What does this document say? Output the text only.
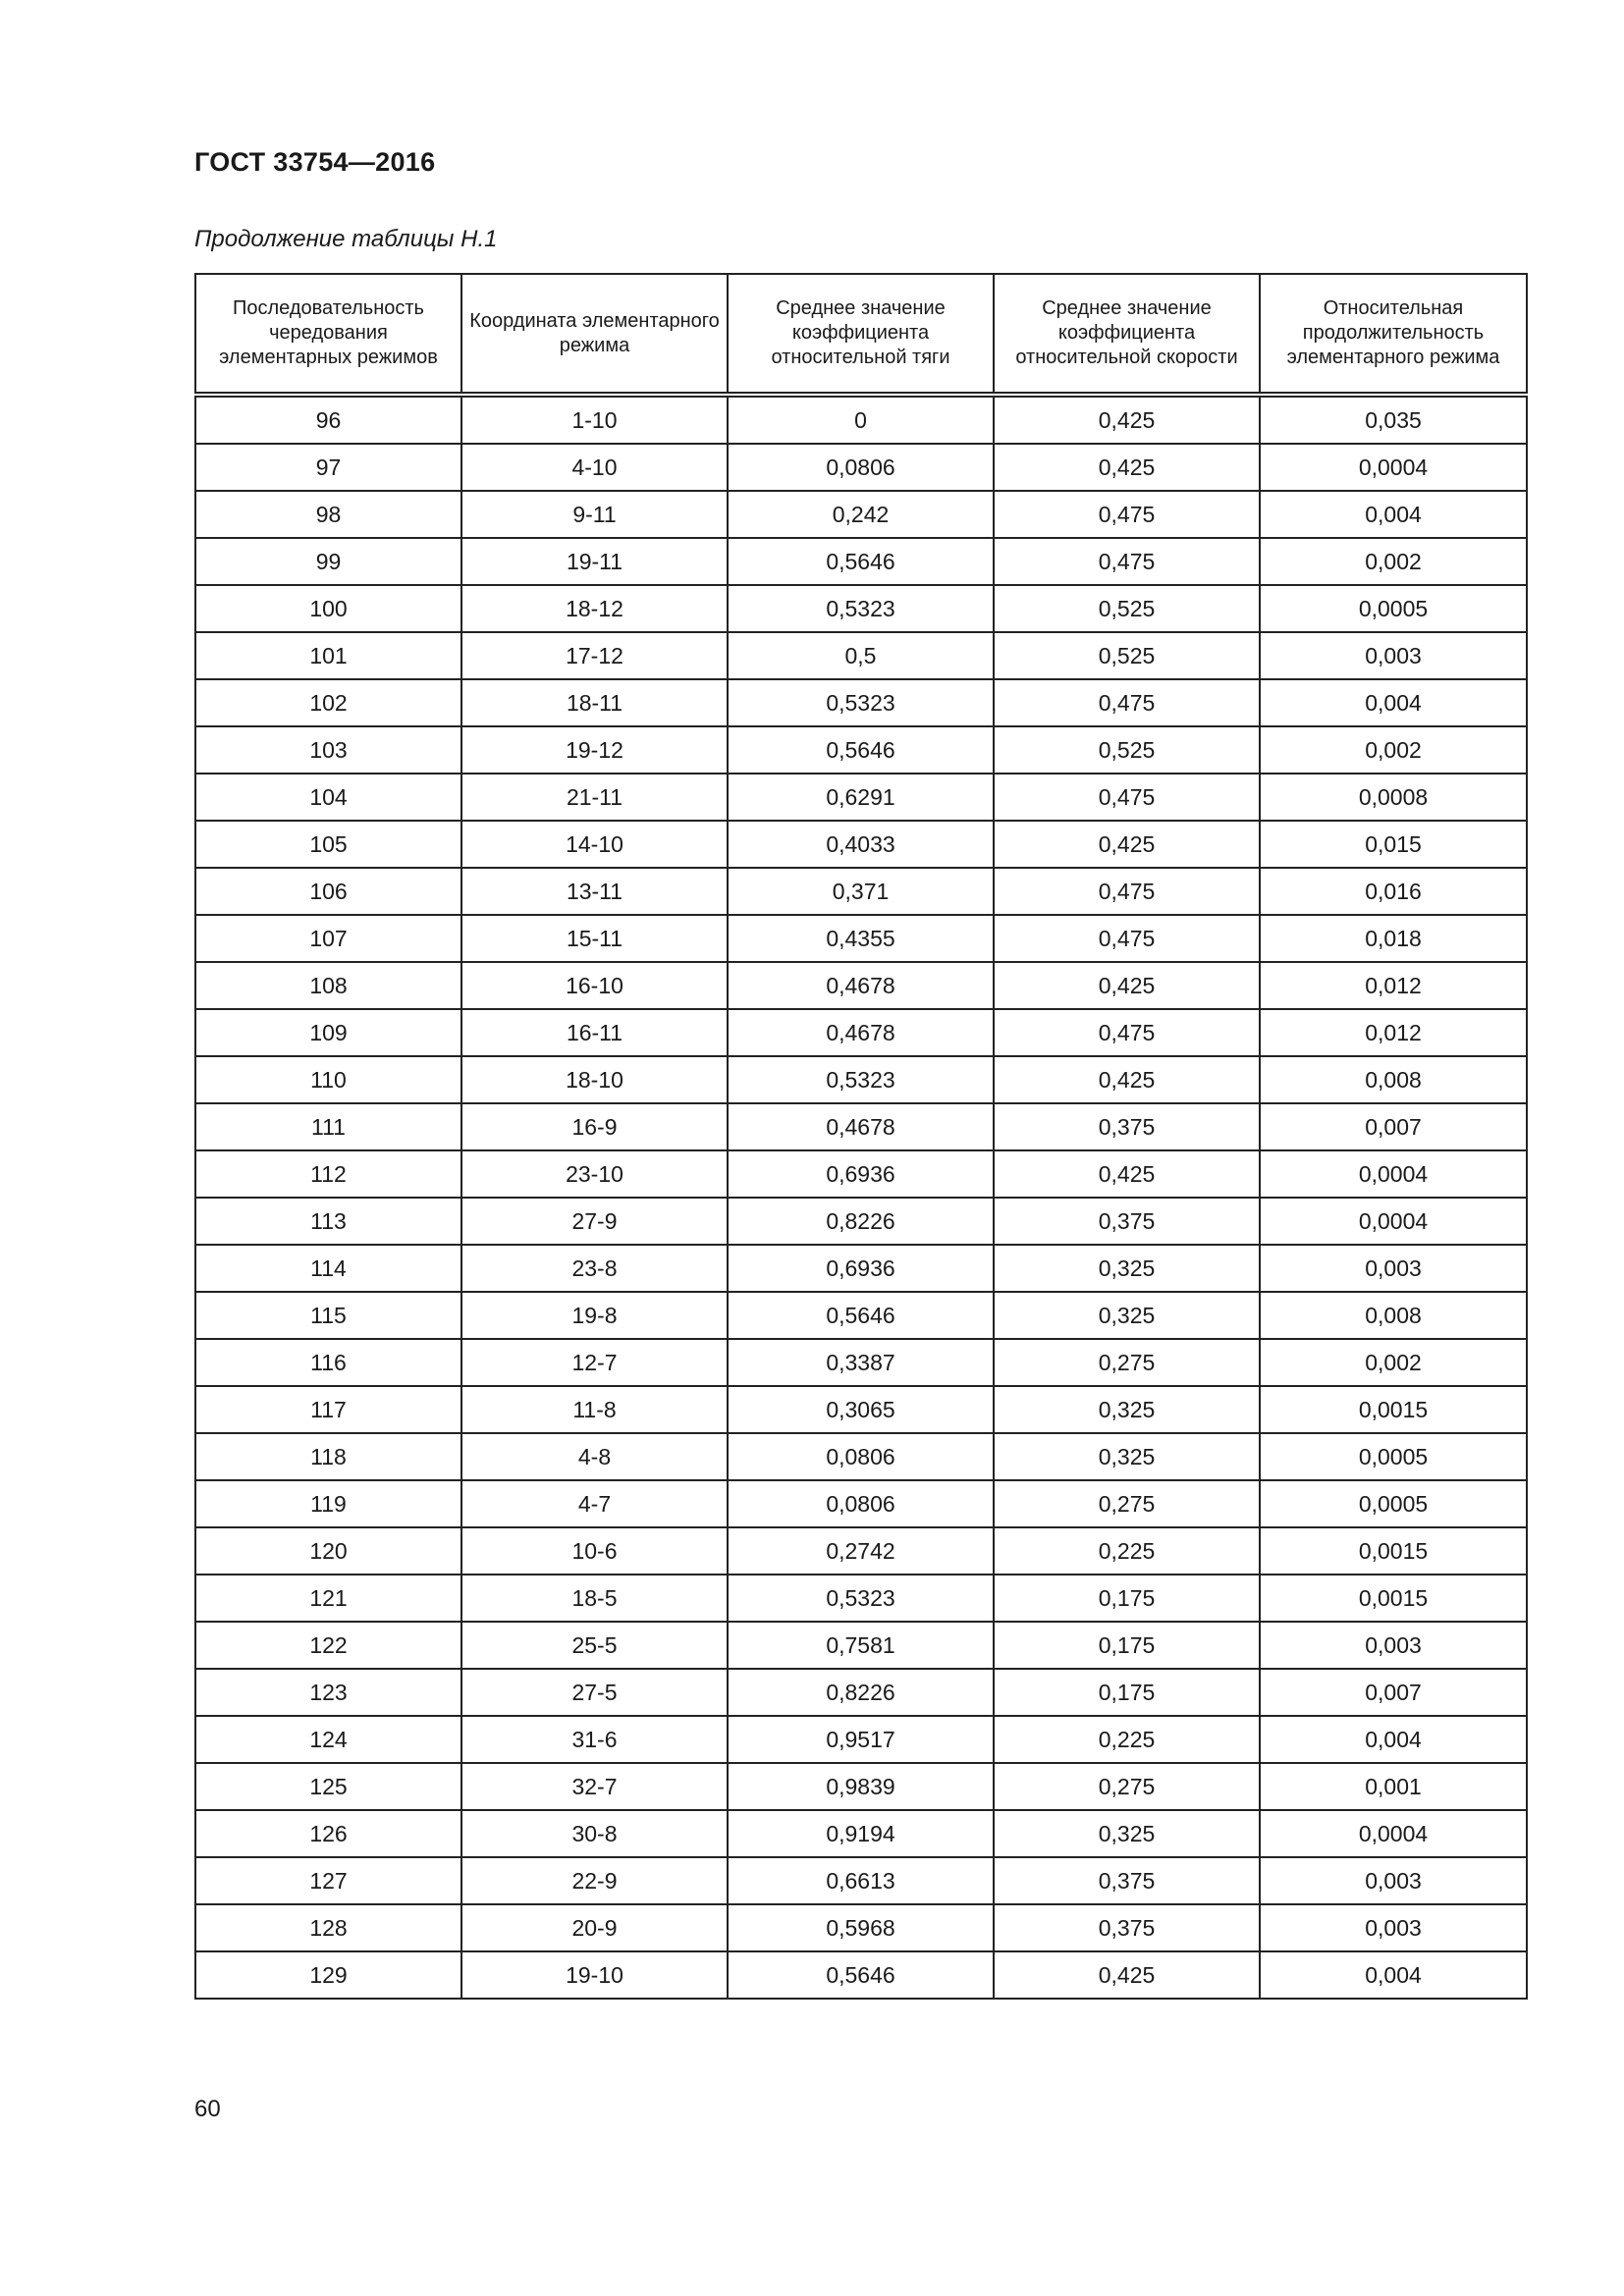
ГОСТ 33754—2016
Продолжение таблицы Н.1
Последовательность чередования элементарных режимов	Координата элементарного режима	Среднее значение коэффициента относительной тяги	Среднее значение коэффициента относительной скорости	Относительная продолжительность элементарного режима
96	1-10	0	0,425	0,035
97	4-10	0,0806	0,425	0,0004
98	9-11	0,242	0,475	0,004
99	19-11	0,5646	0,475	0,002
100	18-12	0,5323	0,525	0,0005
101	17-12	0,5	0,525	0,003
102	18-11	0,5323	0,475	0,004
103	19-12	0,5646	0,525	0,002
104	21-11	0,6291	0,475	0,0008
105	14-10	0,4033	0,425	0,015
106	13-11	0,371	0,475	0,016
107	15-11	0,4355	0,475	0,018
108	16-10	0,4678	0,425	0,012
109	16-11	0,4678	0,475	0,012
110	18-10	0,5323	0,425	0,008
111	16-9	0,4678	0,375	0,007
112	23-10	0,6936	0,425	0,0004
113	27-9	0,8226	0,375	0,0004
114	23-8	0,6936	0,325	0,003
115	19-8	0,5646	0,325	0,008
116	12-7	0,3387	0,275	0,002
117	11-8	0,3065	0,325	0,0015
118	4-8	0,0806	0,325	0,0005
119	4-7	0,0806	0,275	0,0005
120	10-6	0,2742	0,225	0,0015
121	18-5	0,5323	0,175	0,0015
122	25-5	0,7581	0,175	0,003
123	27-5	0,8226	0,175	0,007
124	31-6	0,9517	0,225	0,004
125	32-7	0,9839	0,275	0,001
126	30-8	0,9194	0,325	0,0004
127	22-9	0,6613	0,375	0,003
128	20-9	0,5968	0,375	0,003
129	19-10	0,5646	0,425	0,004
60
